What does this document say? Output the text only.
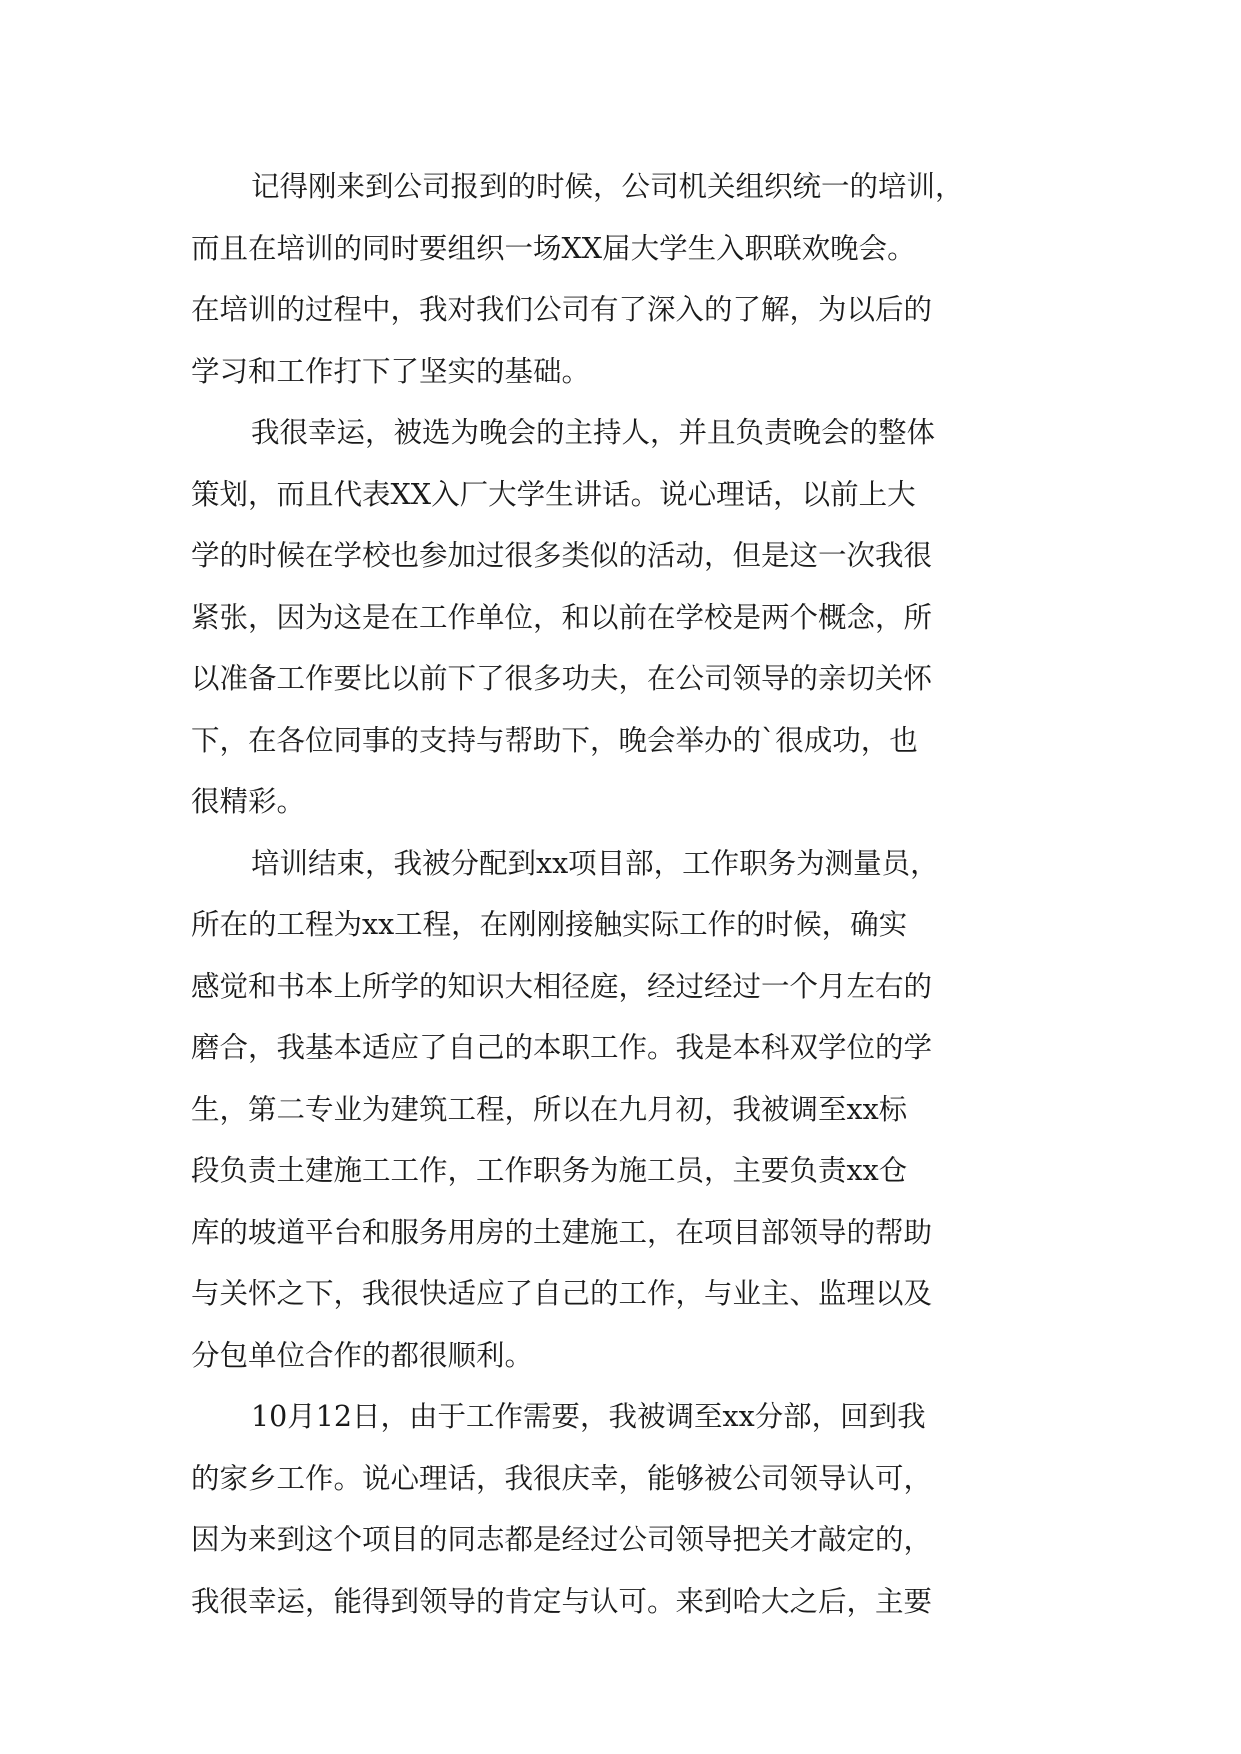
记得刚来到公司报到的时候，公司机关组织统一的培训，
而且在培训的同时要组织一场XX届大学生入职联欢晚会。
在培训的过程中，我对我们公司有了深入的了解，为以后的
学习和工作打下了坚实的基础。
我很幸运，被选为晚会的主持人，并且负责晚会的整体
策划，而且代表XX入厂大学生讲话。说心理话，以前上大
学的时候在学校也参加过很多类似的活动，但是这一次我很
紧张，因为这是在工作单位，和以前在学校是两个概念，所
以准备工作要比以前下了很多功夫，在公司领导的亲切关怀
下，在各位同事的支持与帮助下，晚会举办的`很成功，也
很精彩。
培训结束，我被分配到xx项目部，工作职务为测量员，
所在的工程为xx工程，在刚刚接触实际工作的时候，确实
感觉和书本上所学的知识大相径庭，经过经过一个月左右的
磨合，我基本适应了自己的本职工作。我是本科双学位的学
生，第二专业为建筑工程，所以在九月初，我被调至xx标
段负责土建施工工作，工作职务为施工员，主要负责xx仓
库的坡道平台和服务用房的土建施工，在项目部领导的帮助
与关怀之下，我很快适应了自己的工作，与业主、监理以及
分包单位合作的都很顺利。
10月12日，由于工作需要，我被调至xx分部，回到我
的家乡工作。说心理话，我很庆幸，能够被公司领导认可，
因为来到这个项目的同志都是经过公司领导把关才敲定的，
我很幸运，能得到领导的肯定与认可。来到哈大之后，主要
